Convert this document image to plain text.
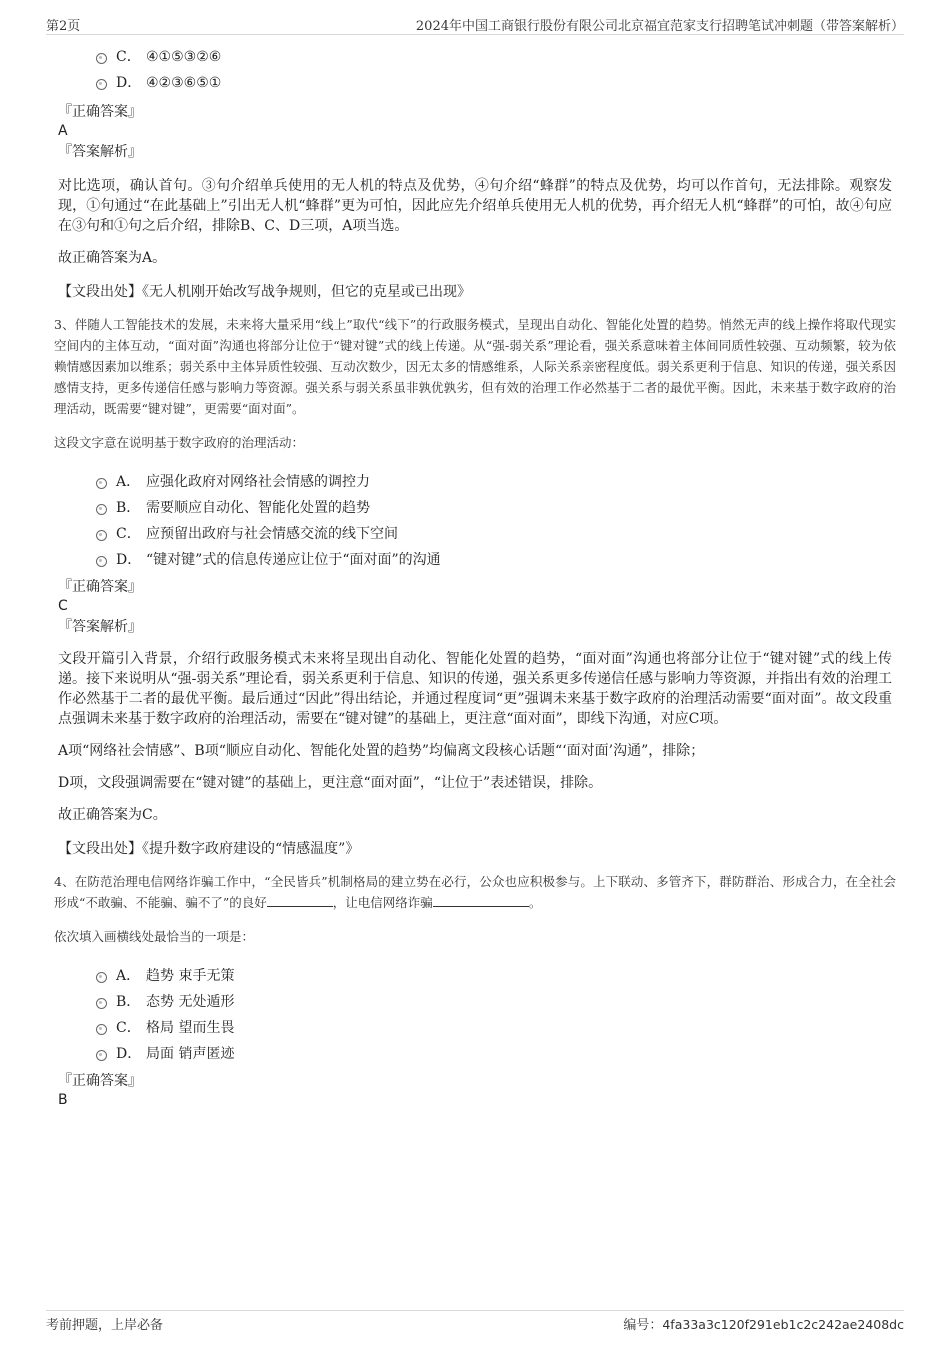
第2页	2024年中国工商银行股份有限公司北京福宜范家支行招聘笔试冲刺题（带答案解析）
C． ④①⑤③②⑥
D． ④②③⑥⑤①
『正确答案』
A
『答案解析』

对比选项，确认首句。③句介绍单兵使用的无人机的特点及优势，④句介绍“蜂群”的特点及优势，均可以作首句，无法排除。观察发现，①句通过“在此基础上”引出无人机“蜂群”更为可怕，因此应先介绍单兵使用无人机的优势，再介绍无人机“蜂群”的可怕，故④句应在③句和①句之后介绍，排除B、C、D三项，A项当选。

故正确答案为A。

【文段出处】《无人机刚开始改写战争规则，但它的克星或已出现》

3、伴随人工智能技术的发展，未来将大量采用“线上”取代“线下”的行政服务模式，呈现出自动化、智能化处置的趋势。悄然无声的线上操作将取代现实空间内的主体互动，“面对面”沟通也将部分让位于“键对键”式的线上传递。从“强-弱关系”理论看，强关系意味着主体间同质性较强、互动频繁，较为依赖情感因素加以维系；弱关系中主体异质性较强、互动次数少，因无太多的情感维系，人际关系亲密程度低。弱关系更利于信息、知识的传递，强关系因感情支持，更多传递信任感与影响力等资源。强关系与弱关系虽非孰优孰劣，但有效的治理工作必然基于二者的最优平衡。因此，未来基于数字政府的治理活动，既需要“键对键”，更需要“面对面”。

这段文字意在说明基于数字政府的治理活动：

A． 应强化政府对网络社会情感的调控力
B． 需要顺应自动化、智能化处置的趋势
C． 应预留出政府与社会情感交流的线下空间
D． “键对键”式的信息传递应让位于“面对面”的沟通
『正确答案』
C
『答案解析』

文段开篇引入背景，介绍行政服务模式未来将呈现出自动化、智能化处置的趋势，“面对面”沟通也将部分让位于“键对键”式的线上传递。接下来说明从“强-弱关系”理论看，弱关系更利于信息、知识的传递，强关系更多传递信任感与影响力等资源，并指出有效的治理工作必然基于二者的最优平衡。最后通过“因此”得出结论，并通过程度词“更”强调未来基于数字政府的治理活动需要“面对面”。故文段重点强调未来基于数字政府的治理活动，需要在“键对键”的基础上，更注意“面对面”，即线下沟通，对应C项。

A项“网络社会情感”、B项“顺应自动化、智能化处置的趋势”均偏离文段核心话题“‘面对面’沟通”，排除；

D项，文段强调需要在“键对键”的基础上，更注意“面对面”，“让位于”表述错误，排除。

故正确答案为C。

【文段出处】《提升数字政府建设的“情感温度”》

4、在防范治理电信网络诈骗工作中，“全民皆兵”机制格局的建立势在必行，公众也应积极参与。上下联动、多管齐下，群防群治、形成合力，在全社会形成“不敢骗、不能骗、骗不了”的良好	，让电信网络诈骗	。

依次填入画横线处最恰当的一项是：

A． 趋势 束手无策
B． 态势 无处遁形
C． 格局 望而生畏
D． 局面 销声匿迹
『正确答案』
B
考前押题，上岸必备	编号：4fa33a3c120f291eb1c2c242ae2408dc
